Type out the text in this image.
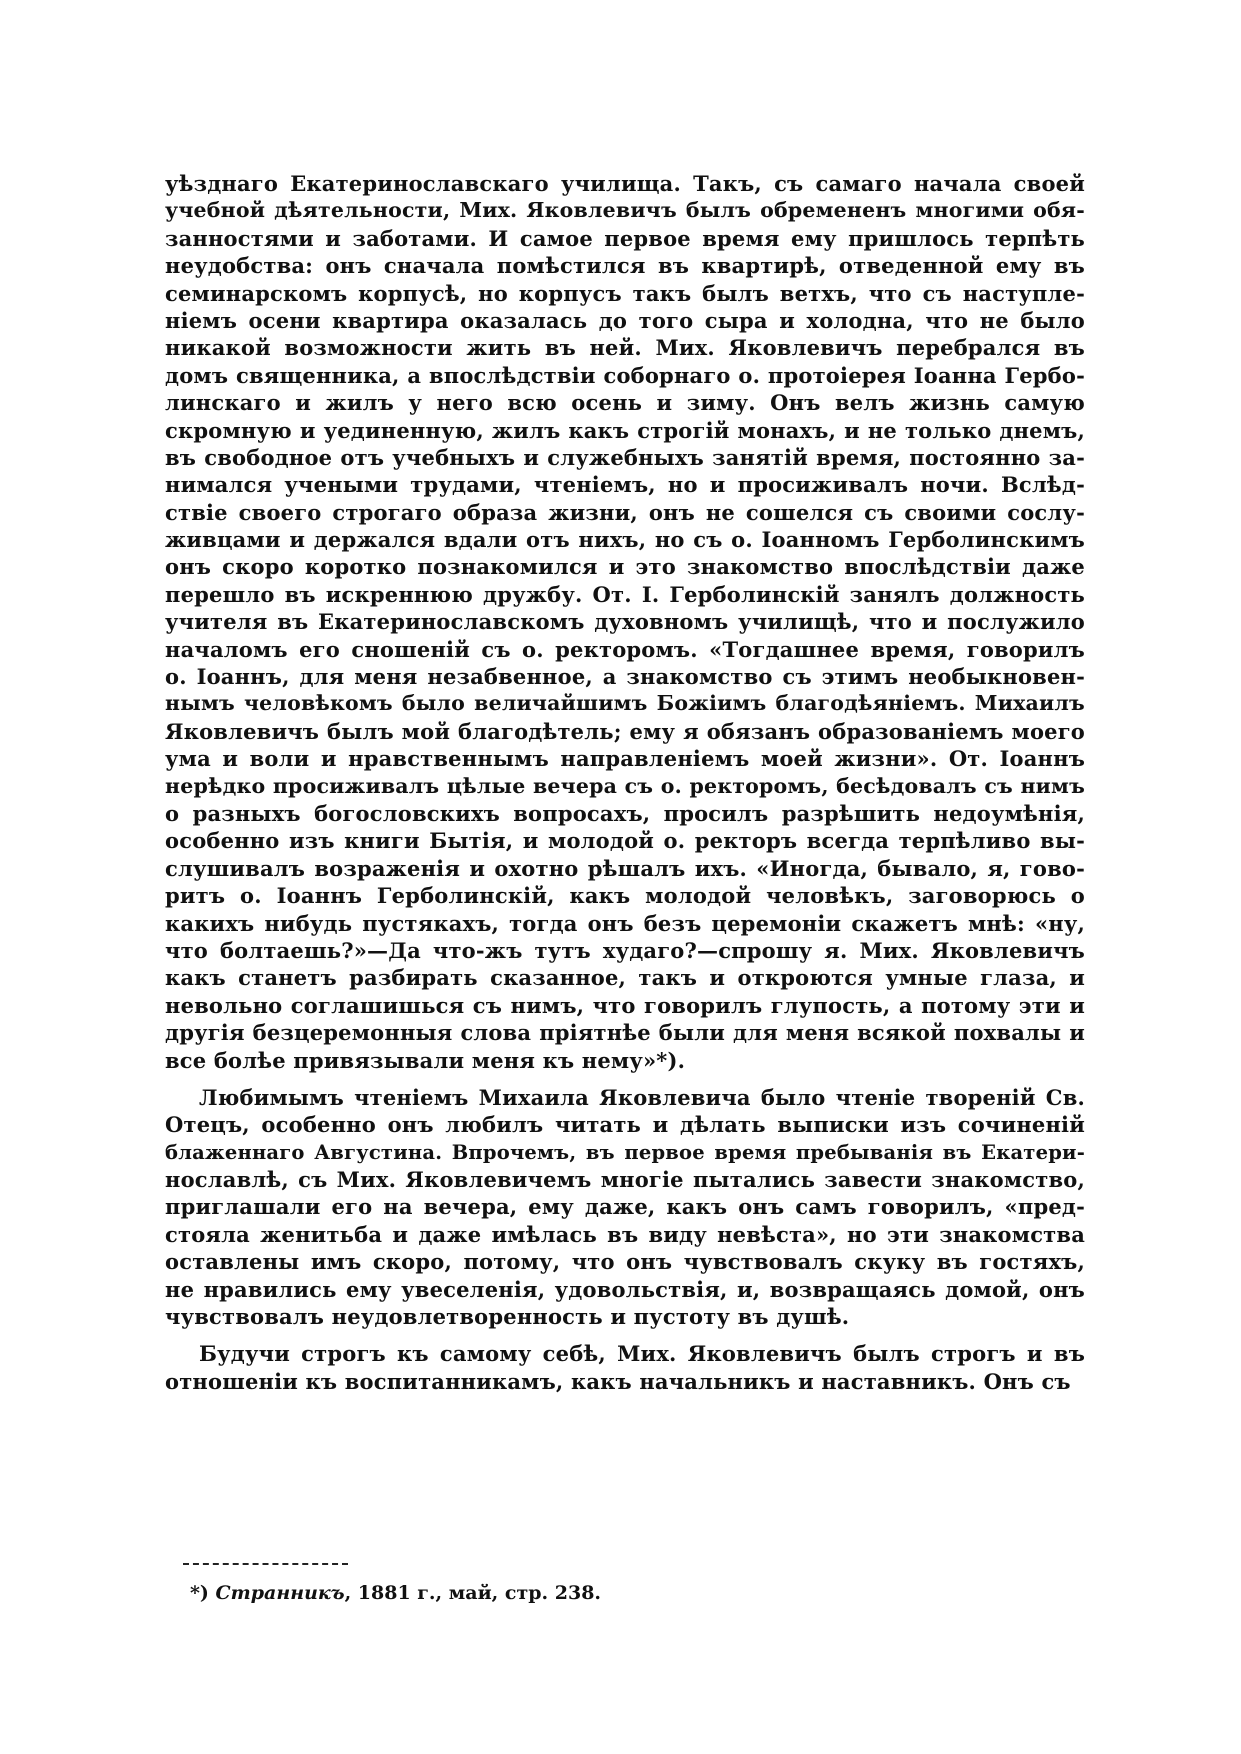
уѣзднаго Екатеринославскаго училища. Такъ, съ самаго начала своей
учебной дѣятельности, Мих. Яковлевичъ былъ обремененъ многими обя-
занностями и заботами. И самое первое время ему пришлось терпѣть
неудобства: онъ сначала помѣстился въ квартирѣ, отведенной ему въ
семинарскомъ корпусѣ, но корпусъ такъ былъ ветхъ, что съ наступле-
ніемъ осени квартира оказалась до того сыра и холодна, что не было
никакой возможности жить въ ней. Мих. Яковлевичъ перебрался въ
домъ священника, а впослѣдствіи соборнаго о. протоіерея Іоанна Гербо-
линскаго и жилъ у него всю осень и зиму. Онъ велъ жизнь самую
скромную и уединенную, жилъ какъ строгій монахъ, и не только днемъ,
въ свободное отъ учебныхъ и служебныхъ занятій время, постоянно за-
нимался учеными трудами, чтеніемъ, но и просиживалъ ночи. Вслѣд-
ствіе своего строгаго образа жизни, онъ не сошелся съ своими сослу-
живцами и держался вдали отъ нихъ, но съ о. Іоанномъ Герболинскимъ
онъ скоро коротко познакомился и это знакомство впослѣдствіи даже
перешло въ искреннюю дружбу. От. І. Герболинскій занялъ должность
учителя въ Екатеринославскомъ духовномъ училищѣ, что и послужило
началомъ его сношеній съ о. ректоромъ. «Тогдашнее время, говорилъ
о. Іоаннъ, для меня незабвенное, а знакомство съ этимъ необыкновен-
нымъ человѣкомъ было величайшимъ Божіимъ благодѣяніемъ. Михаилъ
Яковлевичъ былъ мой благодѣтель; ему я обязанъ образованіемъ моего
ума и воли и нравственнымъ направленіемъ моей жизни». От. Іоаннъ
нерѣдко просиживалъ цѣлые вечера съ о. ректоромъ, бесѣдовалъ съ нимъ
о разныхъ богословскихъ вопросахъ, просилъ разрѣшить недоумѣнія,
особенно изъ книги Бытія, и молодой о. ректоръ всегда терпѣливо вы-
слушивалъ возраженія и охотно рѣшалъ ихъ. «Иногда, бывало, я, гово-
ритъ о. Іоаннъ Герболинскій, какъ молодой человѣкъ, заговорюсь о
какихъ нибудь пустякахъ, тогда онъ безъ церемоніи скажетъ мнѣ: «ну,
что болтаешь?»—Да что-жъ тутъ худаго?—спрошу я. Мих. Яковлевичъ
какъ станетъ разбирать сказанное, такъ и откроются умные глаза, и
невольно соглашишься съ нимъ, что говорилъ глупость, а потому эти и
другія безцеремонныя слова пріятнѣе были для меня всякой похвалы и
все болѣе привязывали меня къ нему»*).
Любимымъ чтеніемъ Михаила Яковлевича было чтеніе твореній Св.
Отецъ, особенно онъ любилъ читать и дѣлать выписки изъ сочиненій
блаженнаго Августина. Впрочемъ, въ первое время пребыванія въ Екатери-
нославлѣ, съ Мих. Яковлевичемъ многіе пытались завести знакомство,
приглашали его на вечера, ему даже, какъ онъ самъ говорилъ, «пред-
стояла женитьба и даже имѣлась въ виду невѣста», но эти знакомства
оставлены имъ скоро, потому, что онъ чувствовалъ скуку въ гостяхъ,
не нравились ему увеселенія, удовольствія, и, возвращаясь домой, онъ
чувствовалъ неудовлетворенность и пустоту въ душѣ.
Будучи строгъ къ самому себѣ, Мих. Яковлевичъ былъ строгъ и въ
отношеніи къ воспитанникамъ, какъ начальникъ и наставникъ. Онъ съ
*) Странникъ, 1881 г., май, стр. 238.
